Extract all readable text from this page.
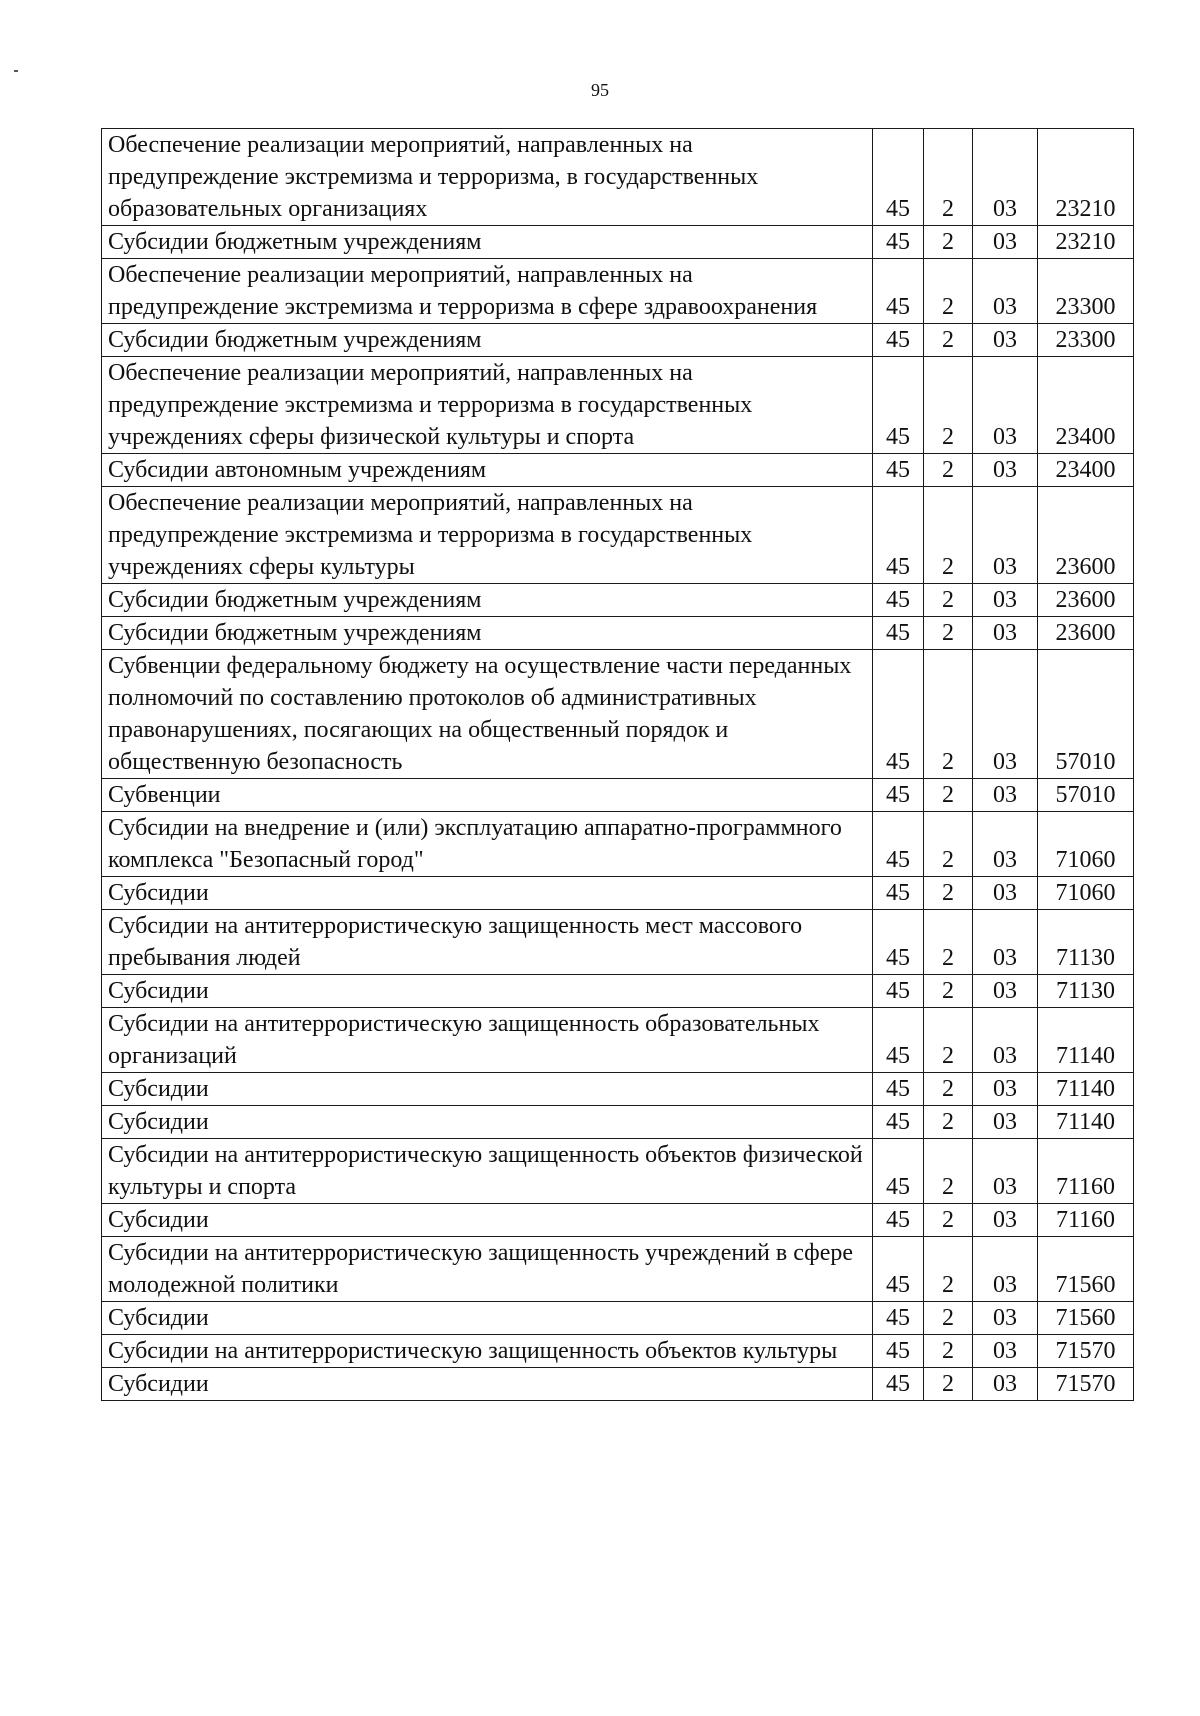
95
Обеспечение реализации мероприятий, направленных на предупреждение экстремизма и терроризма, в государственных образовательных организациях	45	2	03	23210
Субсидии бюджетным учреждениям	45	2	03	23210
Обеспечение реализации мероприятий, направленных на предупреждение экстремизма и терроризма в сфере здравоохранения	45	2	03	23300
Субсидии бюджетным учреждениям	45	2	03	23300
Обеспечение реализации мероприятий, направленных на предупреждение экстремизма и терроризма в государственных учреждениях сферы физической культуры и спорта	45	2	03	23400
Субсидии автономным учреждениям	45	2	03	23400
Обеспечение реализации мероприятий, направленных на предупреждение экстремизма и терроризма в государственных учреждениях сферы культуры	45	2	03	23600
Субсидии бюджетным учреждениям	45	2	03	23600
Субсидии бюджетным учреждениям	45	2	03	23600
Субвенции федеральному бюджету на осуществление части переданных полномочий по составлению протоколов об административных правонарушениях, посягающих на общественный порядок и общественную безопасность	45	2	03	57010
Субвенции	45	2	03	57010
Субсидии на внедрение и (или) эксплуатацию аппаратно-программного комплекса "Безопасный город"	45	2	03	71060
Субсидии	45	2	03	71060
Субсидии на антитеррористическую защищенность мест массового пребывания людей	45	2	03	71130
Субсидии	45	2	03	71130
Субсидии на антитеррористическую защищенность образовательных организаций	45	2	03	71140
Субсидии	45	2	03	71140
Субсидии	45	2	03	71140
Субсидии на антитеррористическую защищенность объектов физической культуры и спорта	45	2	03	71160
Субсидии	45	2	03	71160
Субсидии на антитеррористическую защищенность учреждений в сфере молодежной политики	45	2	03	71560
Субсидии	45	2	03	71560
Субсидии на антитеррористическую защищенность объектов культуры	45	2	03	71570
Субсидии	45	2	03	71570
